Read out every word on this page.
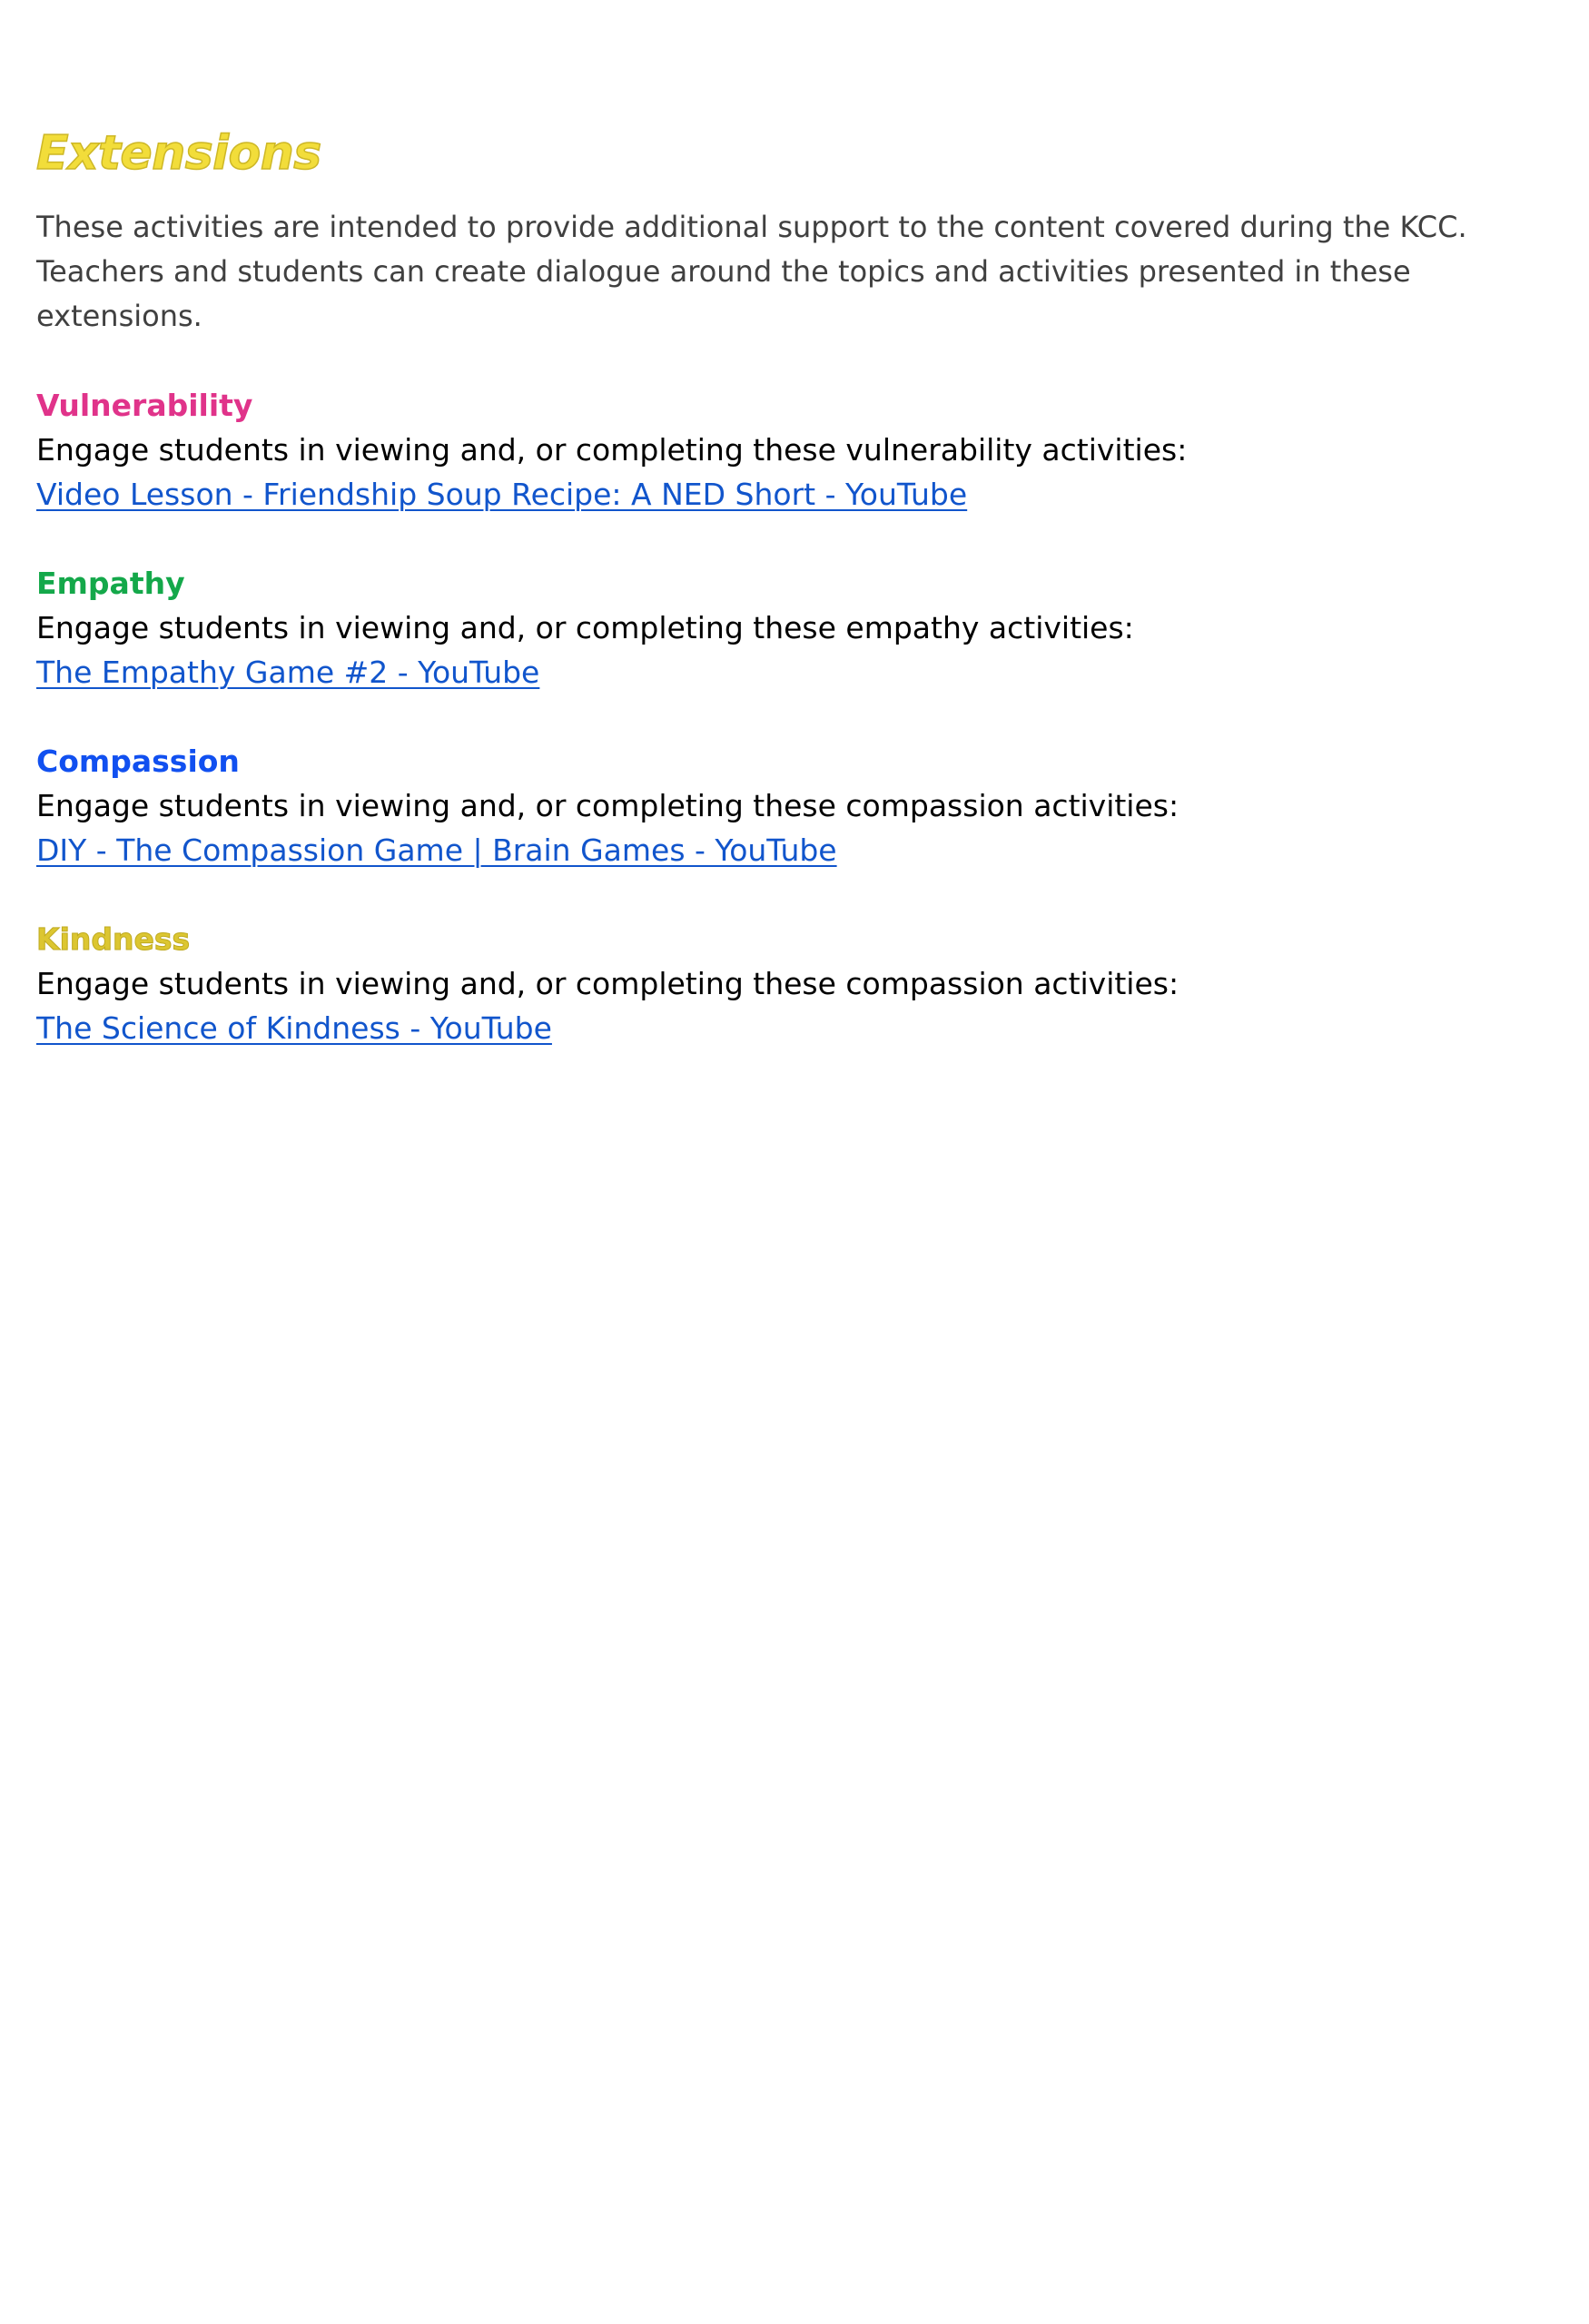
Extensions

These activities are intended to provide additional support to the content covered during the KCC. Teachers and students can create dialogue around the topics and activities presented in these extensions.

Vulnerability

Engage students in viewing and, or completing these vulnerability activities:

Video Lesson - Friendship Soup Recipe: A NED Short - YouTube

Empathy

Engage students in viewing and, or completing these empathy activities:

The Empathy Game #2 - YouTube

Compassion

Engage students in viewing and, or completing these compassion activities:

DIY - The Compassion Game | Brain Games - YouTube

Kindness

Engage students in viewing and, or completing these compassion activities:

The Science of Kindness - YouTube
